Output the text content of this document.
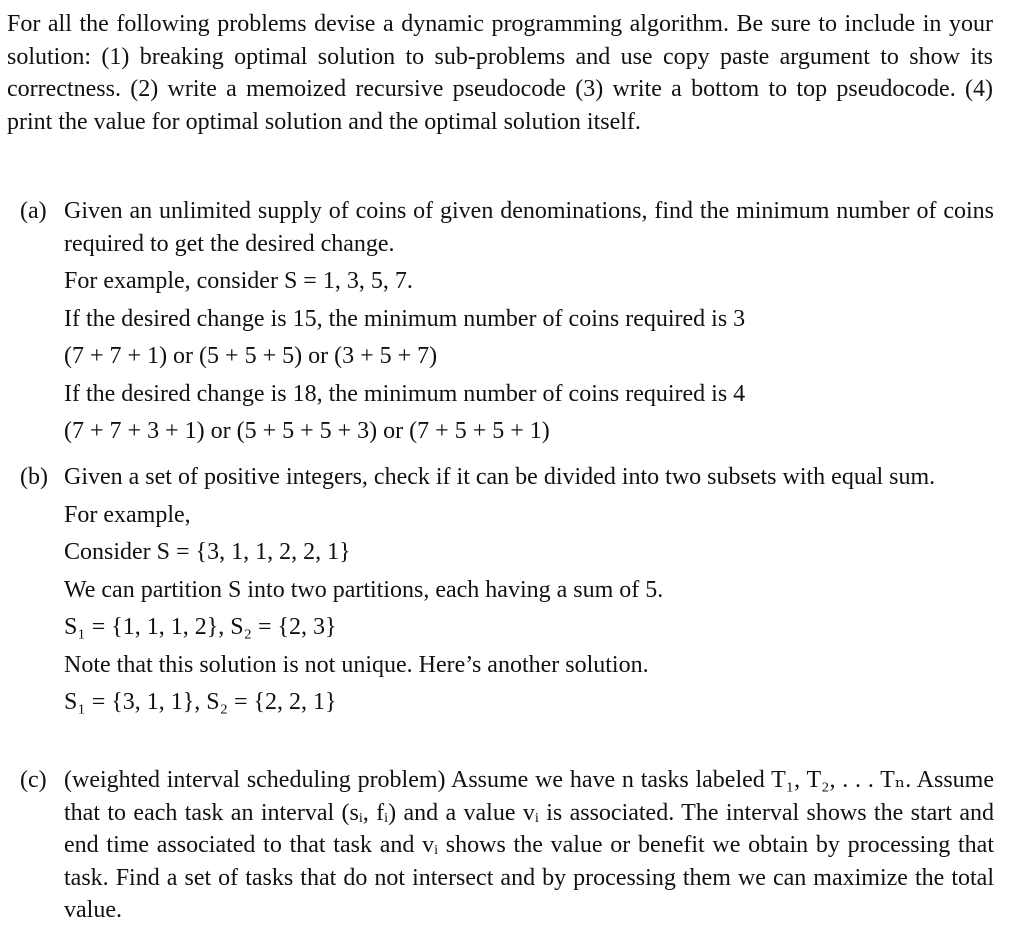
For all the following problems devise a dynamic programming algorithm. Be sure to include in your solution: (1) breaking optimal solution to sub-problems and use copy paste argument to show its correctness. (2) write a memoized recursive pseudocode (3) write a bottom to top pseudocode. (4) print the value for optimal solution and the optimal solution itself.

(a) Given an unlimited supply of coins of given denominations, find the minimum number of coins required to get the desired change.

For example, consider S = 1, 3, 5, 7.

If the desired change is 15, the minimum number of coins required is 3

(7 + 7 + 1) or (5 + 5 + 5) or (3 + 5 + 7)

If the desired change is 18, the minimum number of coins required is 4

(7 + 7 + 3 + 1) or (5 + 5 + 5 + 3) or (7 + 5 + 5 + 1)

(b) Given a set of positive integers, check if it can be divided into two subsets with equal sum.

For example,

Consider S = {3, 1, 1, 2, 2, 1}

We can partition S into two partitions, each having a sum of 5.

S₁ = {1, 1, 1, 2}, S₂ = {2, 3}

Note that this solution is not unique. Here’s another solution.

S₁ = {3, 1, 1}, S₂ = {2, 2, 1}

(c) (weighted interval scheduling problem) Assume we have n tasks labeled T₁, T₂, . . . Tₙ. Assume that to each task an interval (sᵢ, fᵢ) and a value vᵢ is associated. The interval shows the start and end time associated to that task and vᵢ shows the value or benefit we obtain by processing that task. Find a set of tasks that do not intersect and by processing them we can maximize the total value.
